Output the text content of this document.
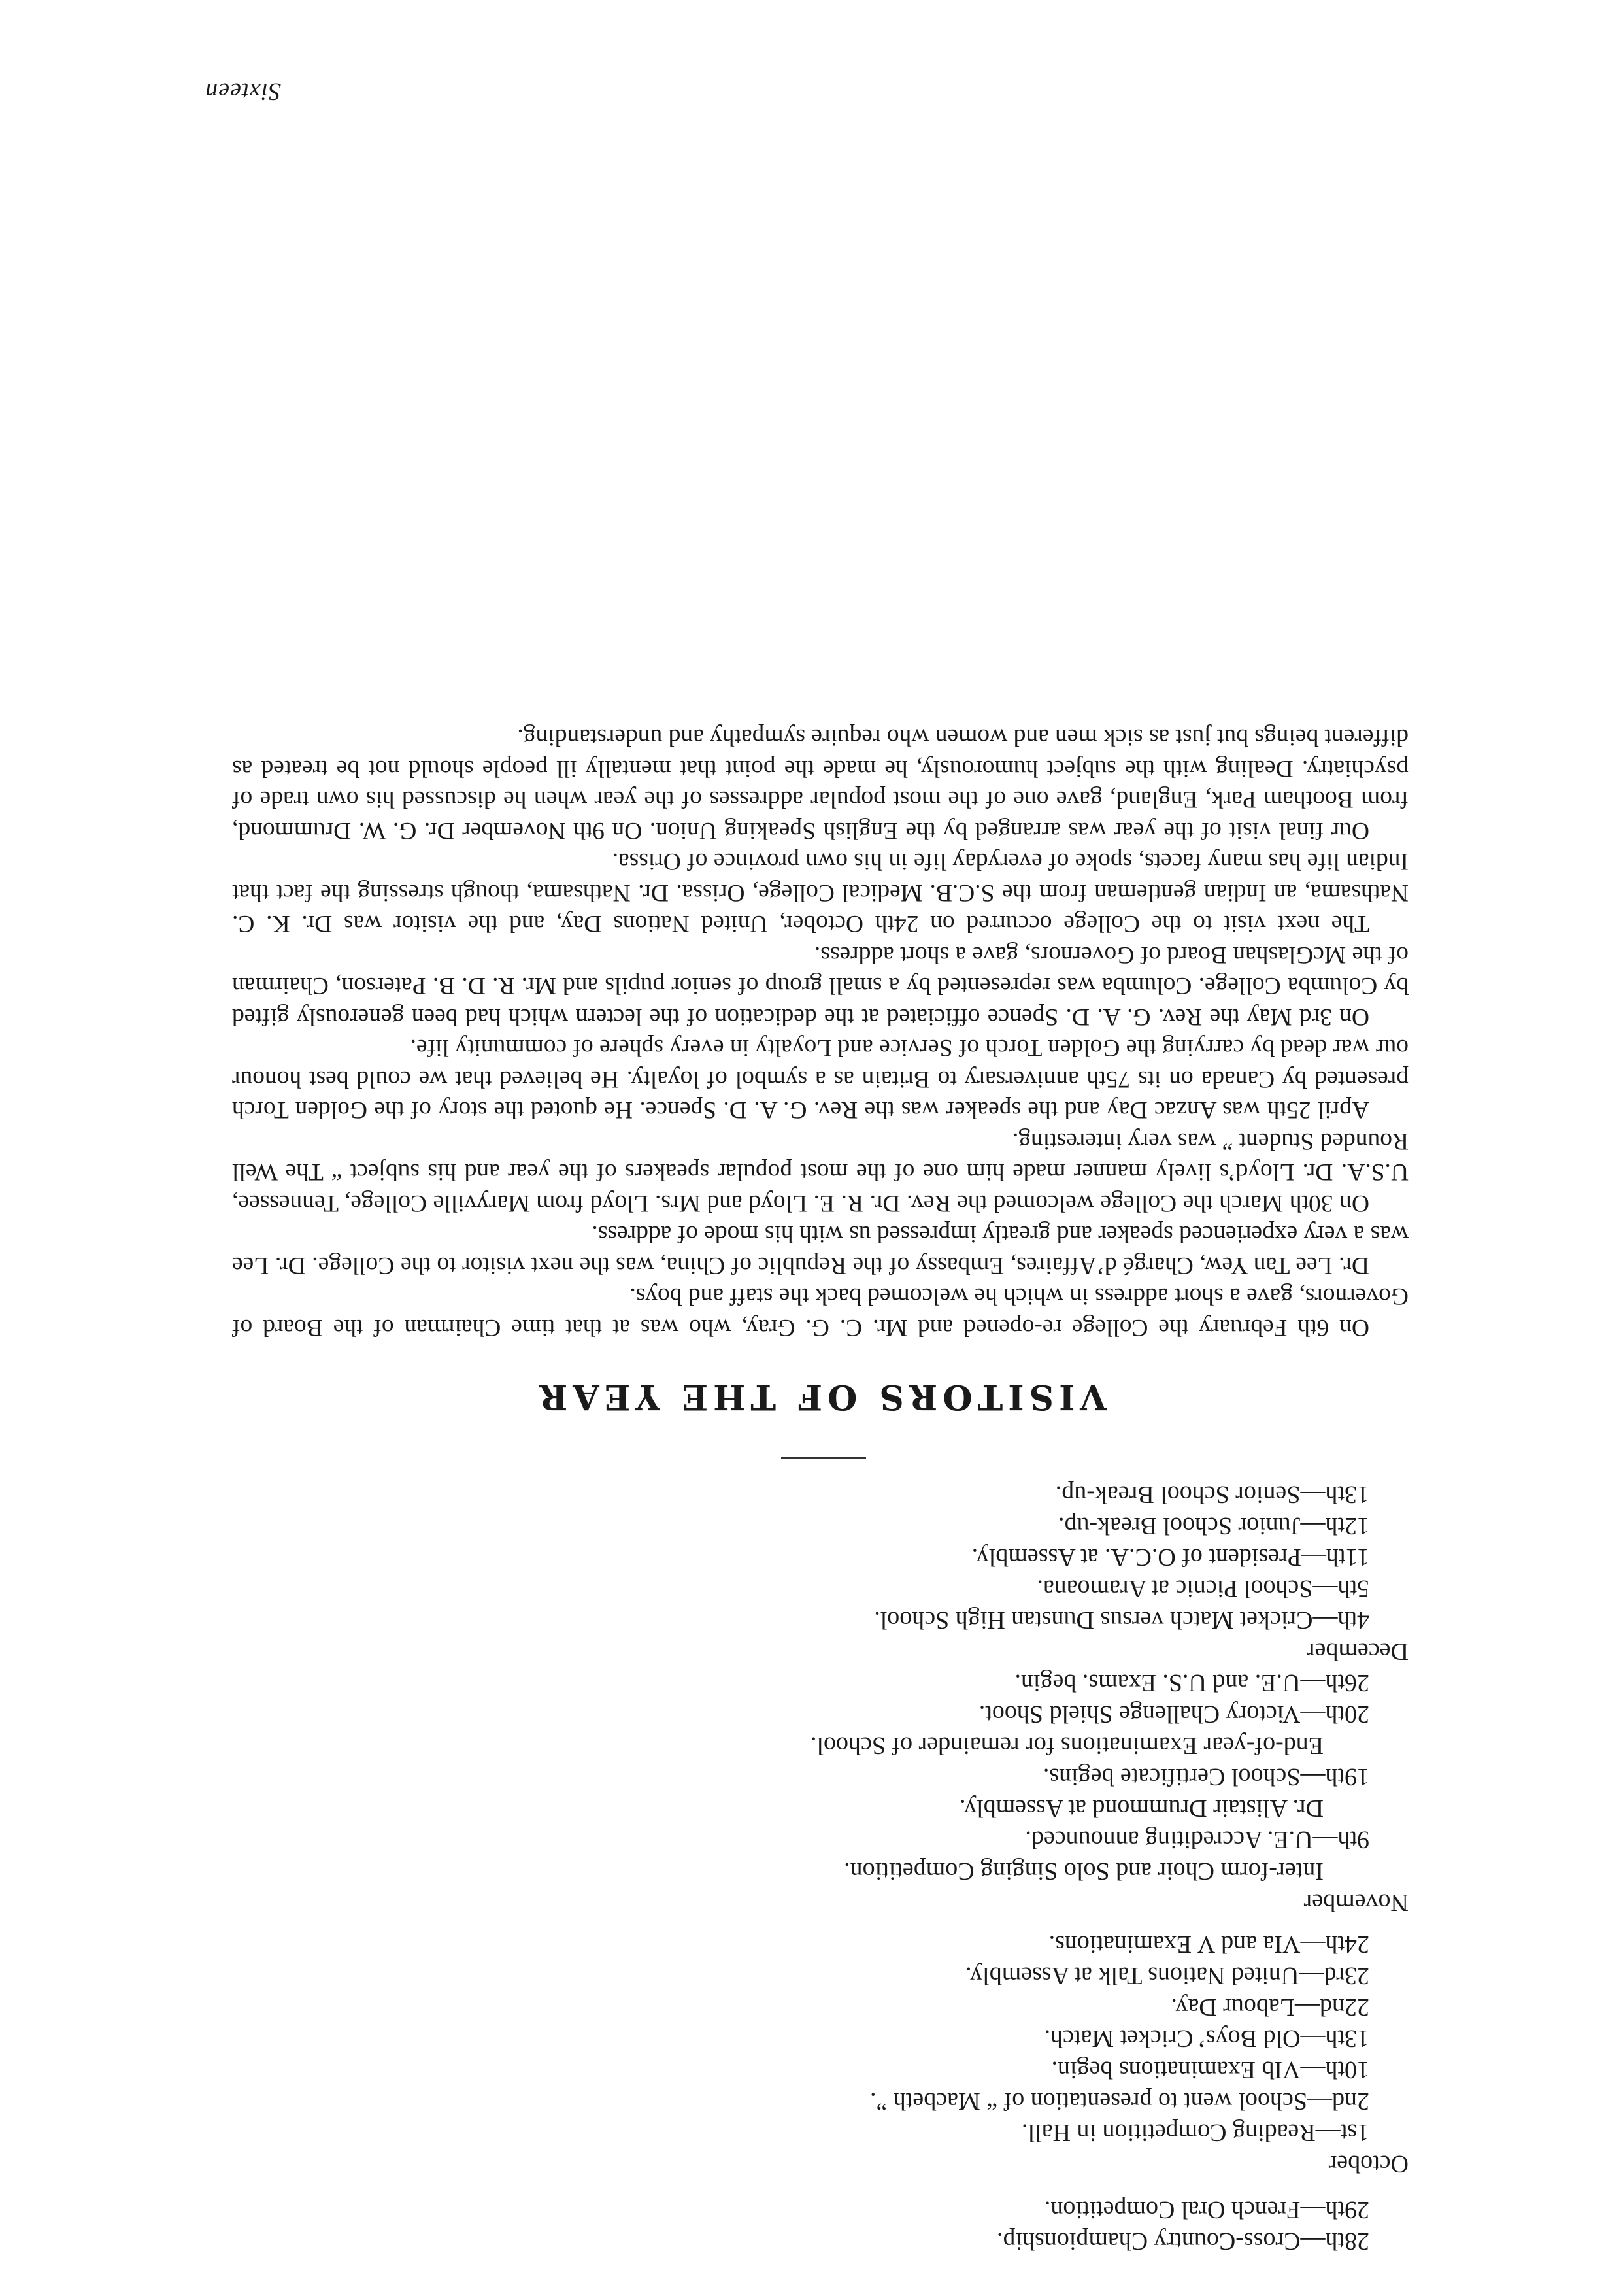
28th—Cross-Country Championship.
29th—French Oral Competition.
October
1st—Reading Competition in Hall.
2nd—School went to presentation of “ Macbeth ”.
10th—VIb Examinations begin.
13th—Old Boys’ Cricket Match.
22nd—Labour Day.
23rd—United Nations Talk at Assembly.
24th—VIa and V Examinations.
November
Inter-form Choir and Solo Singing Competition.
9th—U.E. Accrediting announced.
Dr. Alistair Drummond at Assembly.
19th—School Certificate begins.
End-of-year Examinations for remainder of School.
20th—Victory Challenge Shield Shoot.
26th—U.E. and U.S. Exams. begin.
December
4th—Cricket Match versus Dunstan High School.
5th—School Picnic at Aramoana.
11th—President of O.C.A. at Assembly.
12th—Junior School Break-up.
13th—Senior School Break-up.
VISITORS OF THE YEAR

On 6th February the College re-opened and Mr. C. G. Gray, who was at that time Chairman of the Board of Governors, gave a short address in which he welcomed back the staff and boys.

Dr. Lee Tan Yew, Chargé d’Affaires, Embassy of the Republic of China, was the next visitor to the College. Dr. Lee was a very experienced speaker and greatly impressed us with his mode of address.

On 30th March the College welcomed the Rev. Dr. R. E. Lloyd and Mrs. Lloyd from Maryville College, Tennessee, U.S.A. Dr. Lloyd’s lively manner made him one of the most popular speakers of the year and his subject “ The Well Rounded Student ” was very interesting.

April 25th was Anzac Day and the speaker was the Rev. G. A. D. Spence. He quoted the story of the Golden Torch presented by Canada on its 75th anniversary to Britain as a symbol of loyalty. He believed that we could best honour our war dead by carrying the Golden Torch of Service and Loyalty in every sphere of community life.

On 3rd May the Rev. G. A. D. Spence officiated at the dedication of the lectern which had been generously gifted by Columba College. Columba was represented by a small group of senior pupils and Mr. R. D. B. Paterson, Chairman of the McGlashan Board of Governors, gave a short address.

The next visit to the College occurred on 24th October, United Nations Day, and the visitor was Dr. K. C. Nathsama, an Indian gentleman from the S.C.B. Medical College, Orissa. Dr. Nathsama, though stressing the fact that Indian life has many facets, spoke of everyday life in his own province of Orissa.

Our final visit of the year was arranged by the English Speaking Union. On 9th November Dr. G. W. Drummond, from Bootham Park, England, gave one of the most popular addresses of the year when he discussed his own trade of psychiatry. Dealing with the subject humorously, he made the point that mentally ill people should not be treated as different beings but just as sick men and women who require sympathy and understanding.

Sixteen
